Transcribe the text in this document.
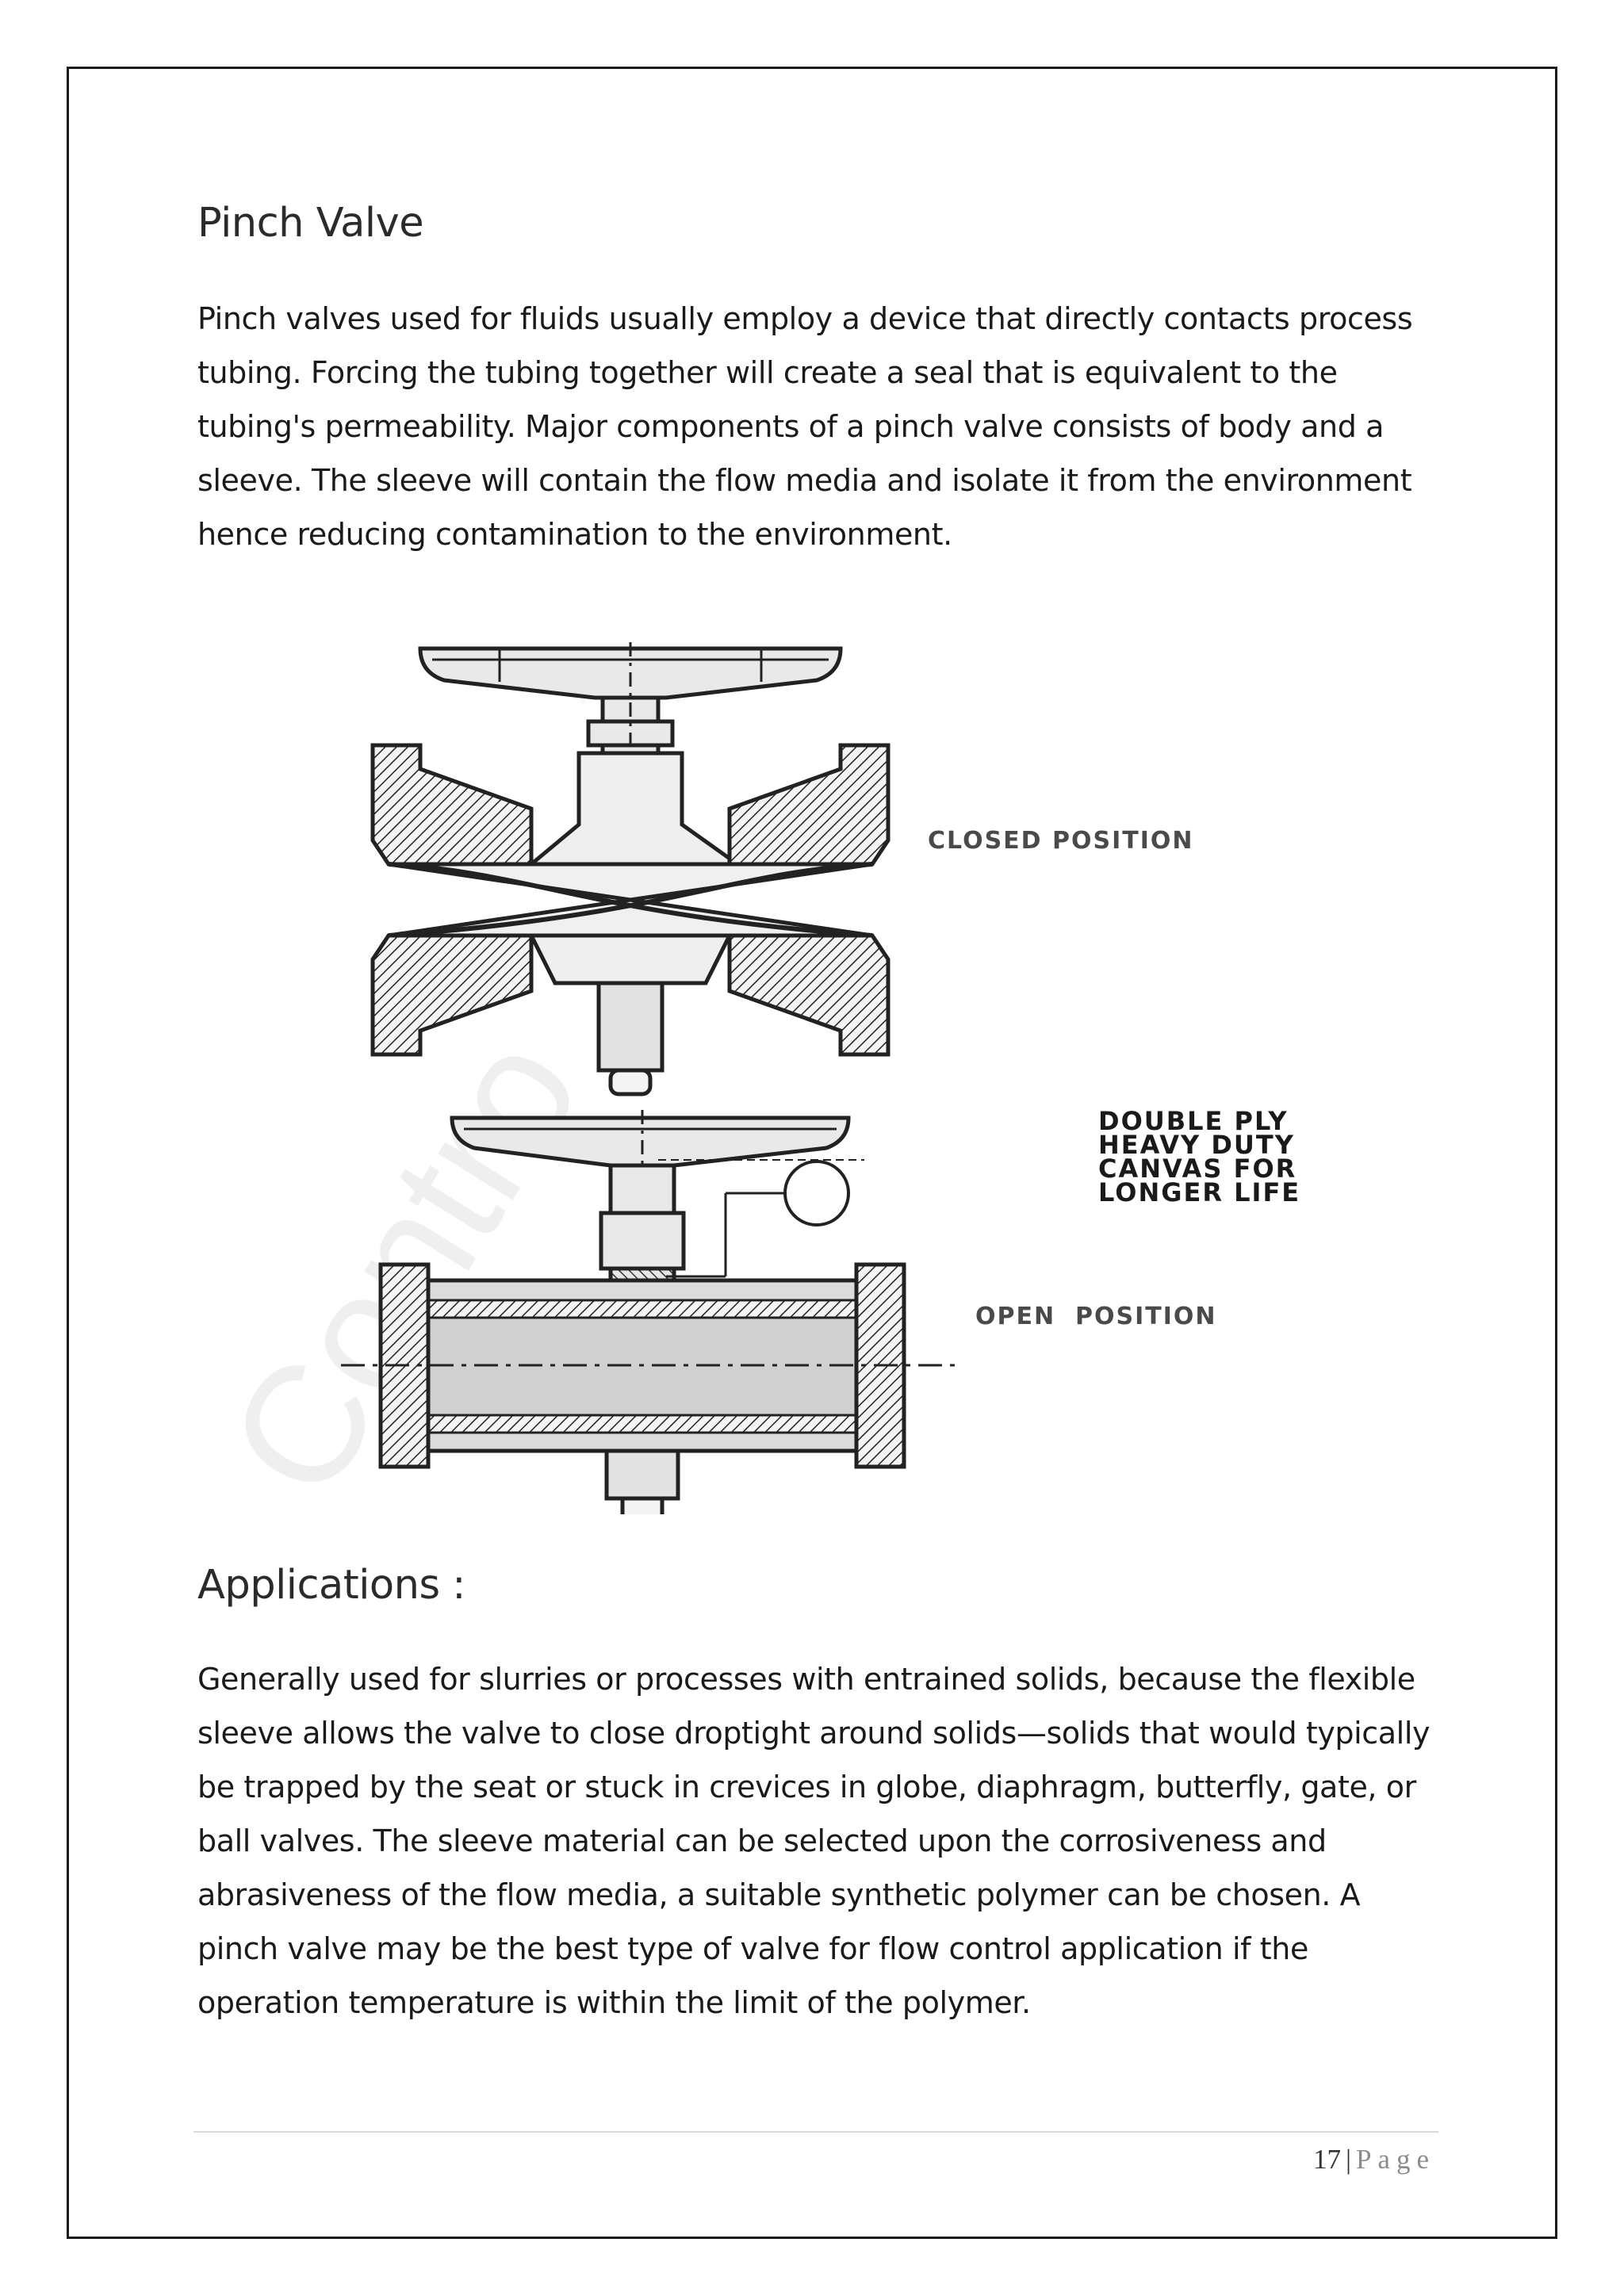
Contro
Pinch Valve

Pinch valves used for fluids usually employ a device that directly contacts process tubing. Forcing the tubing together will create a seal that is equivalent to the tubing's permeability. Major components of a pinch valve consists of body and a sleeve. The sleeve will contain the flow media and isolate it from the environment hence reducing contamination to the environment.

CLOSED POSITION
DOUBLE PLY
HEAVY DUTY
CANVAS FOR
LONGER LIFE
OPEN  POSITION
Applications :

Generally used for slurries or processes with entrained solids, because the flexible sleeve allows the valve to close droptight around solids—solids that would typically be trapped by the seat or stuck in crevices in globe, diaphragm, butterfly, gate, or ball valves. The sleeve material can be selected upon the corrosiveness and abrasiveness of the flow media, a suitable synthetic polymer can be chosen. A pinch valve may be the best type of valve for flow control application if the operation temperature is within the limit of the polymer.

17 | Page
